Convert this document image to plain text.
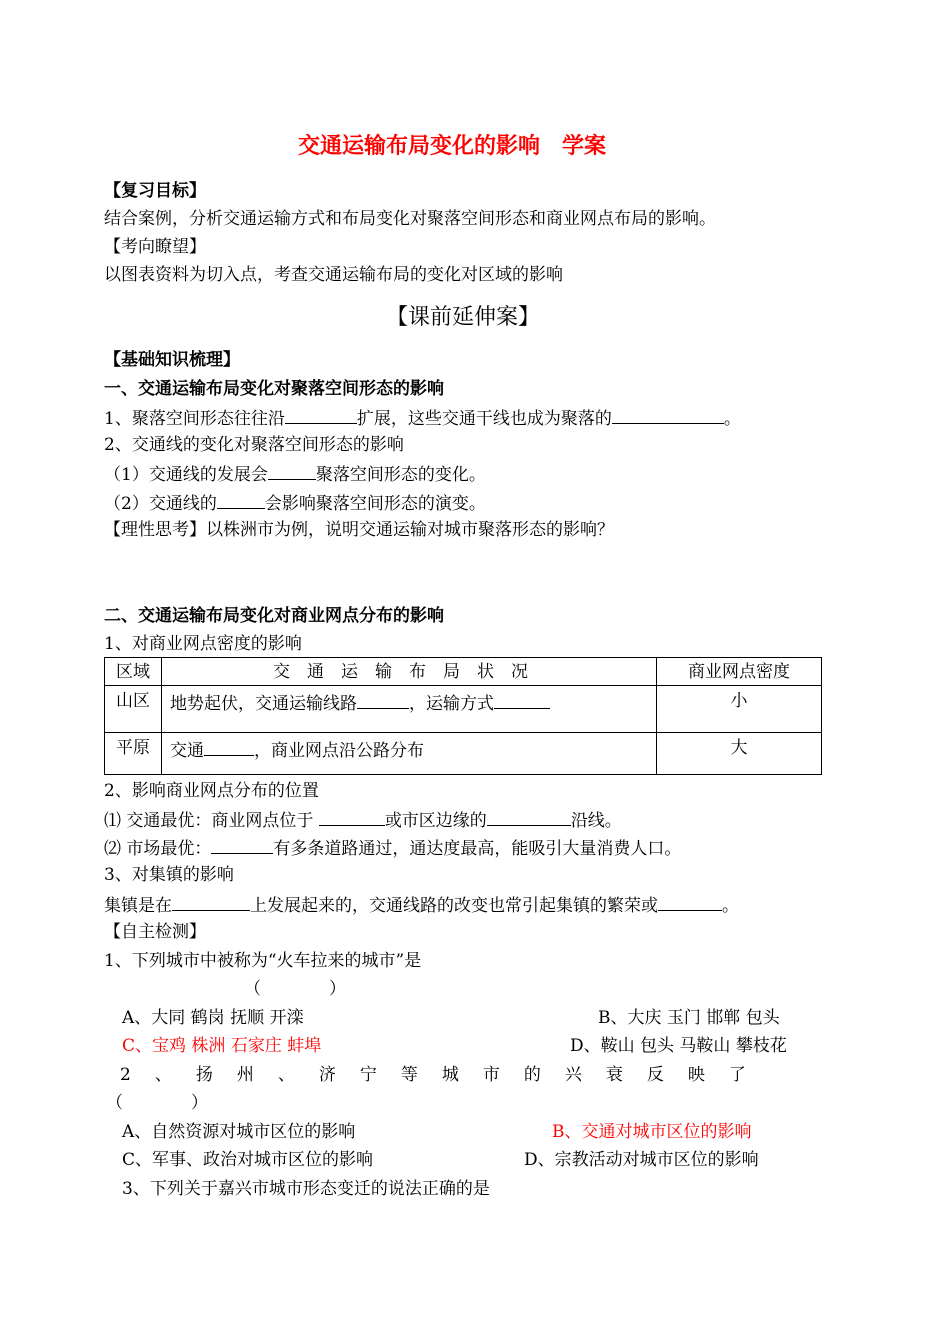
交通运输布局变化的影响　学案
【复习目标】
结合案例，分析交通运输方式和布局变化对聚落空间形态和商业网点布局的影响。
【考向瞭望】
以图表资料为切入点，考查交通运输布局的变化对区域的影响
【课前延伸案】
【基础知识梳理】
一、交通运输布局变化对聚落空间形态的影响
1、聚落空间形态往往沿	扩展，这些交通干线也成为聚落的	。
2、交通线的变化对聚落空间形态的影响
（1）交通线的发展会	聚落空间形态的变化。
（2）交通线的	会影响聚落空间形态的演变。
【理性思考】以株洲市为例，说明交通运输对城市聚落形态的影响？
二、交通运输布局变化对商业网点分布的影响
1、对商业网点密度的影响
区域	交通运输布局状况	商业网点密度
山区	地势起伏，交通运输线路 ，运输方式	小
平原	交通 ，商业网点沿公路分布	大
2、影响商业网点分布的位置
⑴ 交通最优：商业网点位于	或市区边缘的	沿线。
⑵ 市场最优：	有多条道路通过，通达度最高，能吸引大量消费人口。
3、对集镇的影响
集镇是在	上发展起来的，交通线路的改变也常引起集镇的繁荣或	。
【自主检测】
1、下列城市中被称为“火车拉来的城市”是
（　　　　）
A、大同 鹤岗 抚顺 开滦	B、大庆 玉门 邯郸 包头
C、宝鸡 株洲 石家庄 蚌埠	D、鞍山 包头 马鞍山 攀枝花
2、扬州、济宁等城市的兴衰反映了
（　　　　）
A、自然资源对城市区位的影响	B、交通对城市区位的影响
C、军事、政治对城市区位的影响	D、宗教活动对城市区位的影响
3、下列关于嘉兴市城市形态变迁的说法正确的是
